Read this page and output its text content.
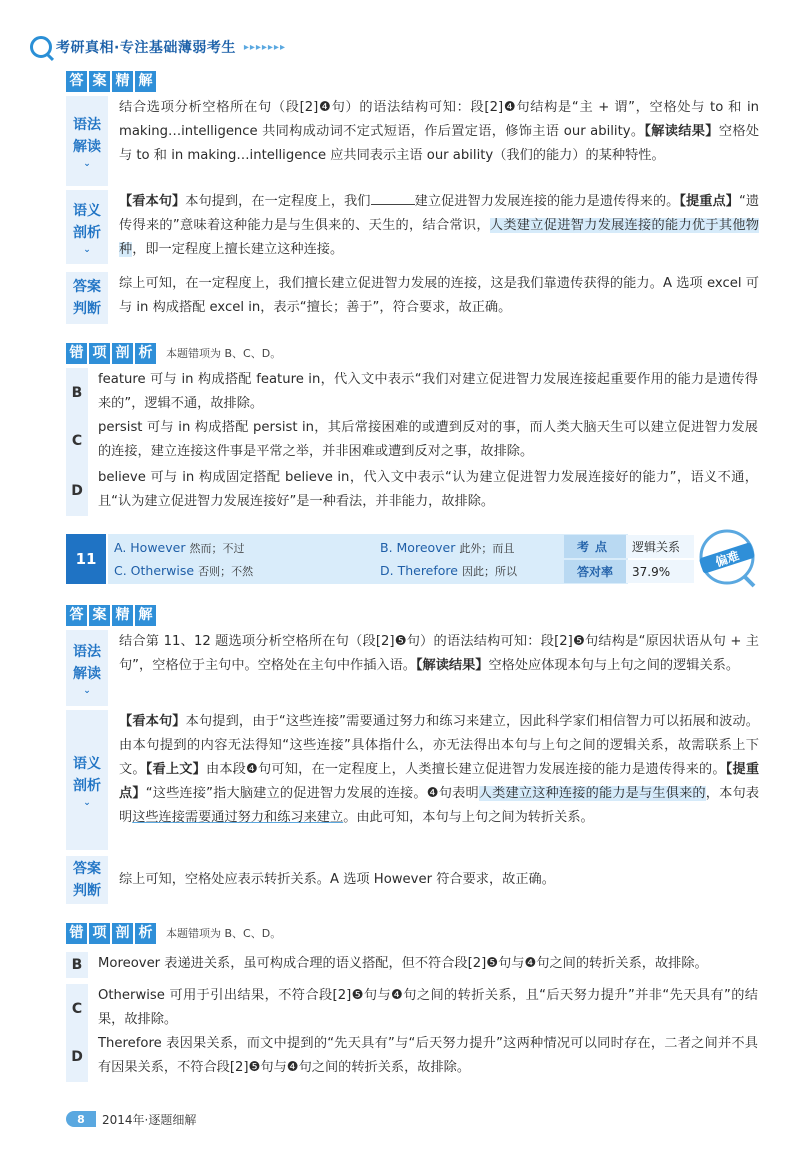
考研真相·专注基础薄弱考生 ▸▸▸▸▸▸▸
答 案 精 解
语法
解读
⌄
结合选项分析空格所在句（段[2]❹句）的语法结构可知：段[2]❹句结构是“主 + 谓”，空格处与 to 和 in making…intelligence 共同构成动词不定式短语，作后置定语，修饰主语 our ability。【解读结果】空格处与 to 和 in making…intelligence 应共同表示主语 our ability（我们的能力）的某种特性。
语义
剖析
⌄
【看本句】本句提到，在一定程度上，我们	建立促进智力发展连接的能力是遗传得来的。【提重点】“遗传得来的”意味着这种能力是与生俱来的、天生的，结合常识，人类建立促进智力发展连接的能力优于其他物种，即一定程度上擅长建立这种连接。
答案
判断
综上可知，在一定程度上，我们擅长建立促进智力发展的连接，这是我们靠遗传获得的能力。A 选项 excel 可与 in 构成搭配 excel in，表示“擅长；善于”，符合要求，故正确。
错 项 剖 析	本题错项为 B、C、D。
B
feature 可与 in 构成搭配 feature in，代入文中表示“我们对建立促进智力发展连接起重要作用的能力是遗传得来的”，逻辑不通，故排除。
C
persist 可与 in 构成搭配 persist in，其后常接困难的或遭到反对的事，而人类大脑天生可以建立促进智力发展的连接，建立连接这件事是平常之举，并非困难或遭到反对之事，故排除。
D
believe 可与 in 构成固定搭配 believe in，代入文中表示“认为建立促进智力发展连接好的能力”，语义不通，且“认为建立促进智力发展连接好”是一种看法，并非能力，故排除。
11
A. However 然而；不过	B. Moreover 此外；而且
C. Otherwise 否则；不然	D. Therefore 因此；所以
考点	逻辑关系
答对率	37.9%
偏难
答 案 精 解
语法
解读
⌄
结合第 11、12 题选项分析空格所在句（段[2]❺句）的语法结构可知：段[2]❺句结构是“原因状语从句 + 主句”，空格位于主句中。空格处在主句中作插入语。【解读结果】空格处应体现本句与上句之间的逻辑关系。
语义
剖析
⌄
【看本句】本句提到，由于“这些连接”需要通过努力和练习来建立，因此科学家们相信智力可以拓展和波动。由本句提到的内容无法得知“这些连接”具体指什么，亦无法得出本句与上句之间的逻辑关系，故需联系上下文。【看上文】由本段❹句可知，在一定程度上，人类擅长建立促进智力发展连接的能力是遗传得来的。【提重点】“这些连接”指大脑建立的促进智力发展的连接。❹句表明人类建立这种连接的能力是与生俱来的，本句表明这些连接需要通过努力和练习来建立。由此可知，本句与上句之间为转折关系。
答案
判断
综上可知，空格处应表示转折关系。A 选项 However 符合要求，故正确。
错 项 剖 析	本题错项为 B、C、D。
B	Moreover 表递进关系，虽可构成合理的语义搭配，但不符合段[2]❺句与❹句之间的转折关系，故排除。
C
Otherwise 可用于引出结果，不符合段[2]❺句与❹句之间的转折关系，且“后天努力提升”并非“先天具有”的结果，故排除。
D
Therefore 表因果关系，而文中提到的“先天具有”与“后天努力提升”这两种情况可以同时存在，二者之间并不具有因果关系，不符合段[2]❺句与❹句之间的转折关系，故排除。
8	2014年·逐题细解
